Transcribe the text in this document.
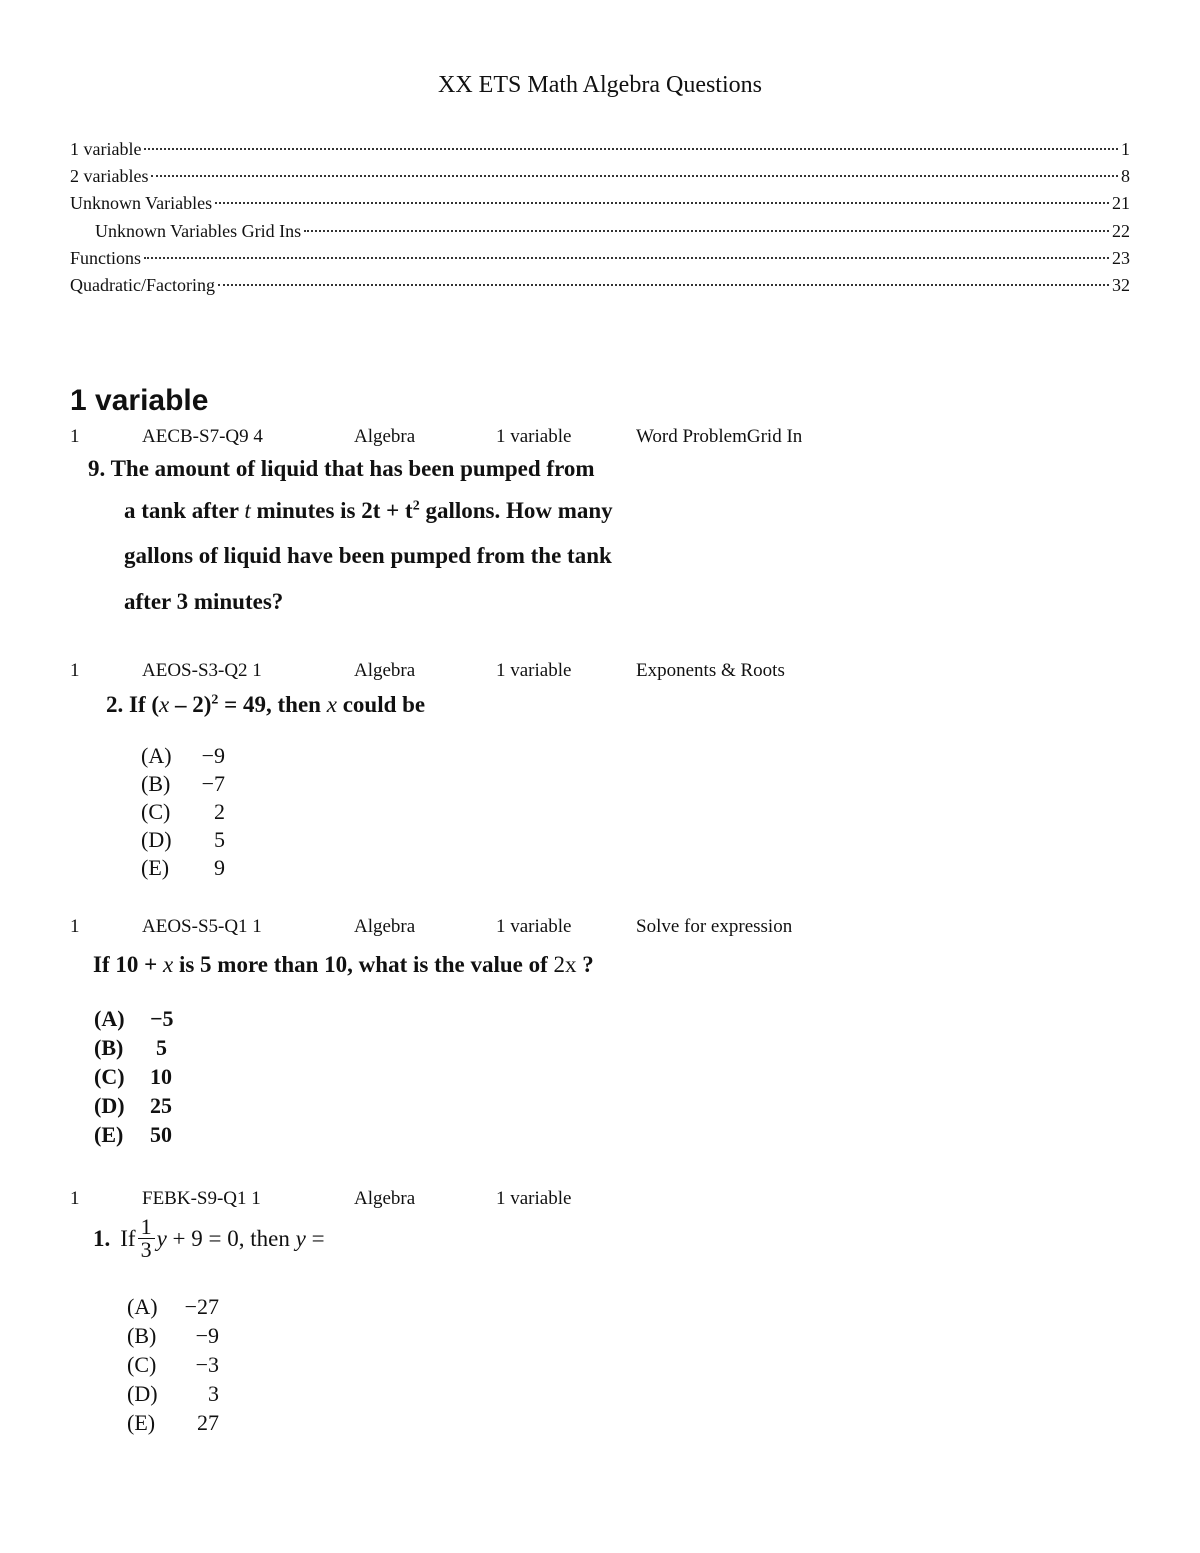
XX ETS Math Algebra Questions
1 variable	1
2 variables	8
Unknown Variables	21
Unknown Variables Grid Ins	22
Functions	23
Quadratic/Factoring	32
1 variable
1	AECB-S7-Q9 4	Algebra	1 variable	Word ProblemGrid In
9. The amount of liquid that has been pumped from
a tank after t minutes is $2t + t^2$ gallons. How many
gallons of liquid have been pumped from the tank
after 3 minutes?
1	AEOS-S3-Q2 1	Algebra	1 variable	Exponents & Roots
2. If (x – 2)$^2$ = 49, then x could be
(A)	−9
(B)	−7
(C)	2
(D)	5
(E)	9
1	AEOS-S5-Q1 1	Algebra	1 variable	Solve for expression
If 10 + x is 5 more than 10, what is the value of 2x ?
(A)	−5
(B)	5
(C)	10
(D)	25
(E)	50
1	FEBK-S9-Q1 1	Algebra	1 variable
1. If $\frac{1}{3}$ y + 9 = 0, then y =
(A)	−27
(B)	−9
(C)	−3
(D)	3
(E)	27
